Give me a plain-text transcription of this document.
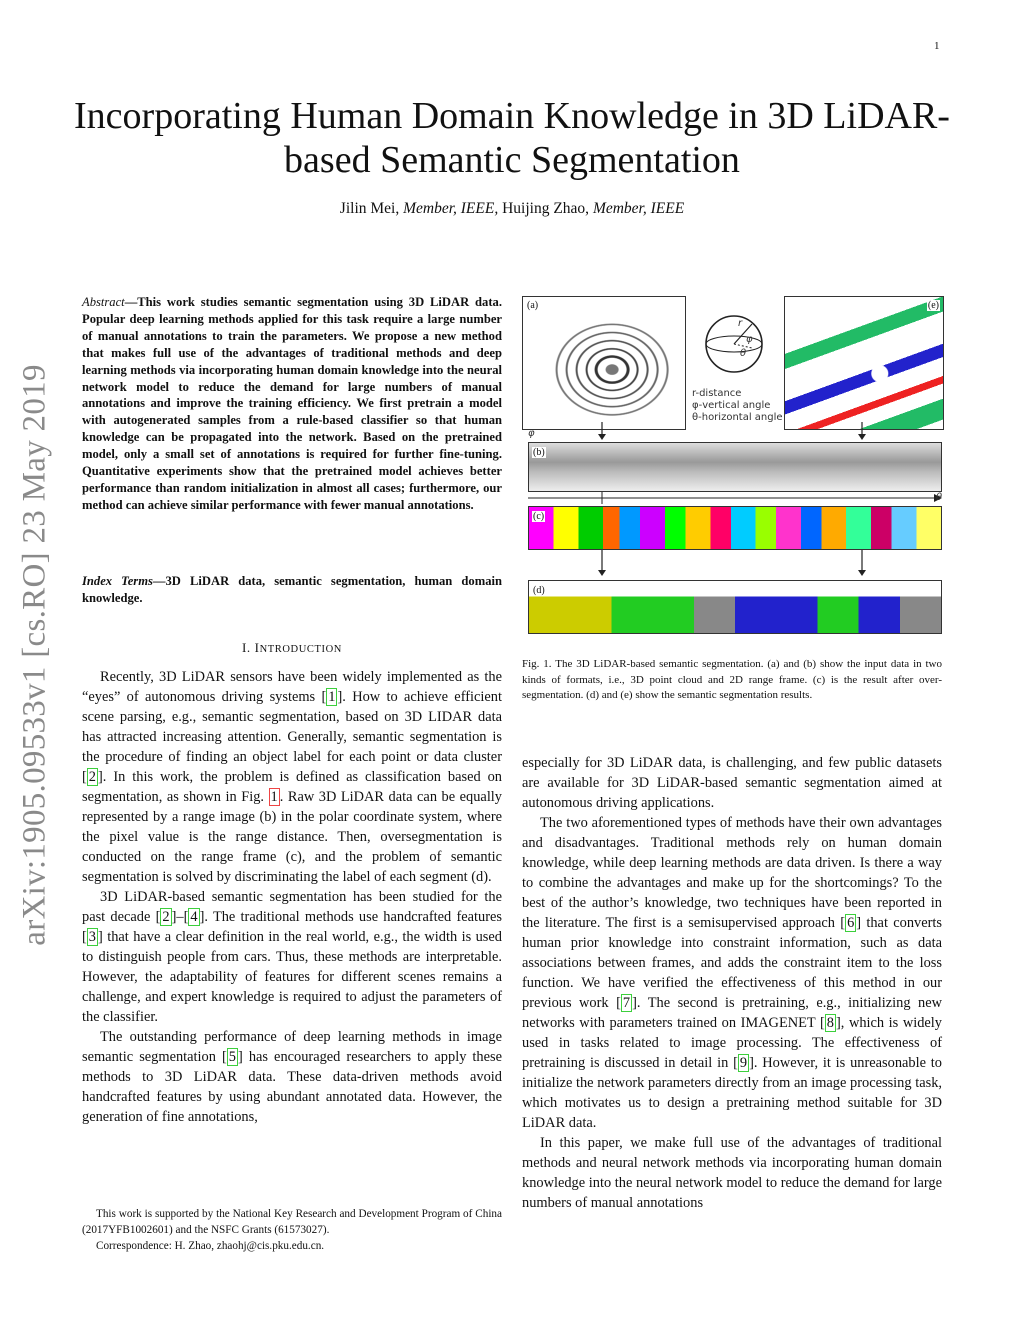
1
arXiv:1905.09533v1 [cs.RO] 23 May 2019
Incorporating Human Domain Knowledge in 3D LiDAR-based Semantic Segmentation
Jilin Mei, Member, IEEE, Huijing Zhao, Member, IEEE
Abstract—This work studies semantic segmentation using 3D LiDAR data. Popular deep learning methods applied for this task require a large number of manual annotations to train the parameters. We propose a new method that makes full use of the advantages of traditional methods and deep learning methods via incorporating human domain knowledge into the neural network model to reduce the demand for large numbers of manual annotations and improve the training efficiency. We first pretrain a model with autogenerated samples from a rule-based classifier so that human knowledge can be propagated into the network. Based on the pretrained model, only a small set of annotations is required for further fine-tuning. Quantitative experiments show that the pretrained model achieves better performance than random initialization in almost all cases; furthermore, our method can achieve similar performance with fewer manual annotations.
Index Terms—3D LiDAR data, semantic segmentation, human domain knowledge.
I. INTRODUCTION

Recently, 3D LiDAR sensors have been widely implemented as the “eyes” of autonomous driving systems [ 1 ]. How to achieve efficient scene parsing, e.g., semantic segmentation, based on 3D LIDAR data has attracted increasing attention. Generally, semantic segmentation is the procedure of finding an object label for each point or data cluster [ 2 ]. In this work, the problem is defined as classification based on segmentation, as shown in Fig. 1 . Raw 3D LiDAR data can be equally represented by a range image (b) in the polar coordinate system, where the pixel value is the range distance. Then, oversegmentation is conducted on the range frame (c), and the problem of semantic segmentation is solved by discriminating the label of each segment (d).

3D LiDAR-based semantic segmentation has been studied for the past decade [ 2 ]–[ 4 ]. The traditional methods use handcrafted features [ 3 ] that have a clear definition in the real world, e.g., the width is used to distinguish people from cars. Thus, these methods are interpretable. However, the adaptability of features for different scenes remains a challenge, and expert knowledge is required to adjust the parameters of the classifier.

The outstanding performance of deep learning methods in image semantic segmentation [ 5 ] has encouraged researchers to apply these methods to 3D LiDAR data. These data-driven methods avoid handcrafted features by using abundant annotated data. However, the generation of fine annotations,

This work is supported by the National Key Research and Development Program of China (2017YFB1002601) and the NSFC Grants (61573027).

Correspondence: H. Zhao, zhaohj@cis.pku.edu.cn.

(a)
r
φ
θ
r-distance
φ-vertical angle
θ-horizontal angle
(e)
φ
(b)
θ
(c)
(d)
Fig. 1. The 3D LiDAR-based semantic segmentation. (a) and (b) show the input data in two kinds of formats, i.e., 3D point cloud and 2D range frame. (c) is the result after over-segmentation. (d) and (e) show the semantic segmentation results.

especially for 3D LiDAR data, is challenging, and few public datasets are available for 3D LiDAR-based semantic segmentation aimed at autonomous driving applications.

The two aforementioned types of methods have their own advantages and disadvantages. Traditional methods rely on human domain knowledge, while deep learning methods are data driven. Is there a way to combine the advantages and make up for the shortcomings? To the best of the author’s knowledge, two techniques have been reported in the literature. The first is a semisupervised approach [ 6 ] that converts human prior knowledge into constraint information, such as data associations between frames, and adds the constraint item to the loss function. We have verified the effectiveness of this method in our previous work [ 7 ]. The second is pretraining, e.g., initializing new networks with parameters trained on IMAGENET [ 8 ], which is widely used in tasks related to image processing. The effectiveness of pretraining is discussed in detail in [ 9 ]. However, it is unreasonable to initialize the network parameters directly from an image processing task, which motivates us to design a pretraining method suitable for 3D LiDAR data.

In this paper, we make full use of the advantages of traditional methods and neural network methods via incorporating human domain knowledge into the neural network model to reduce the demand for large numbers of manual annotations
